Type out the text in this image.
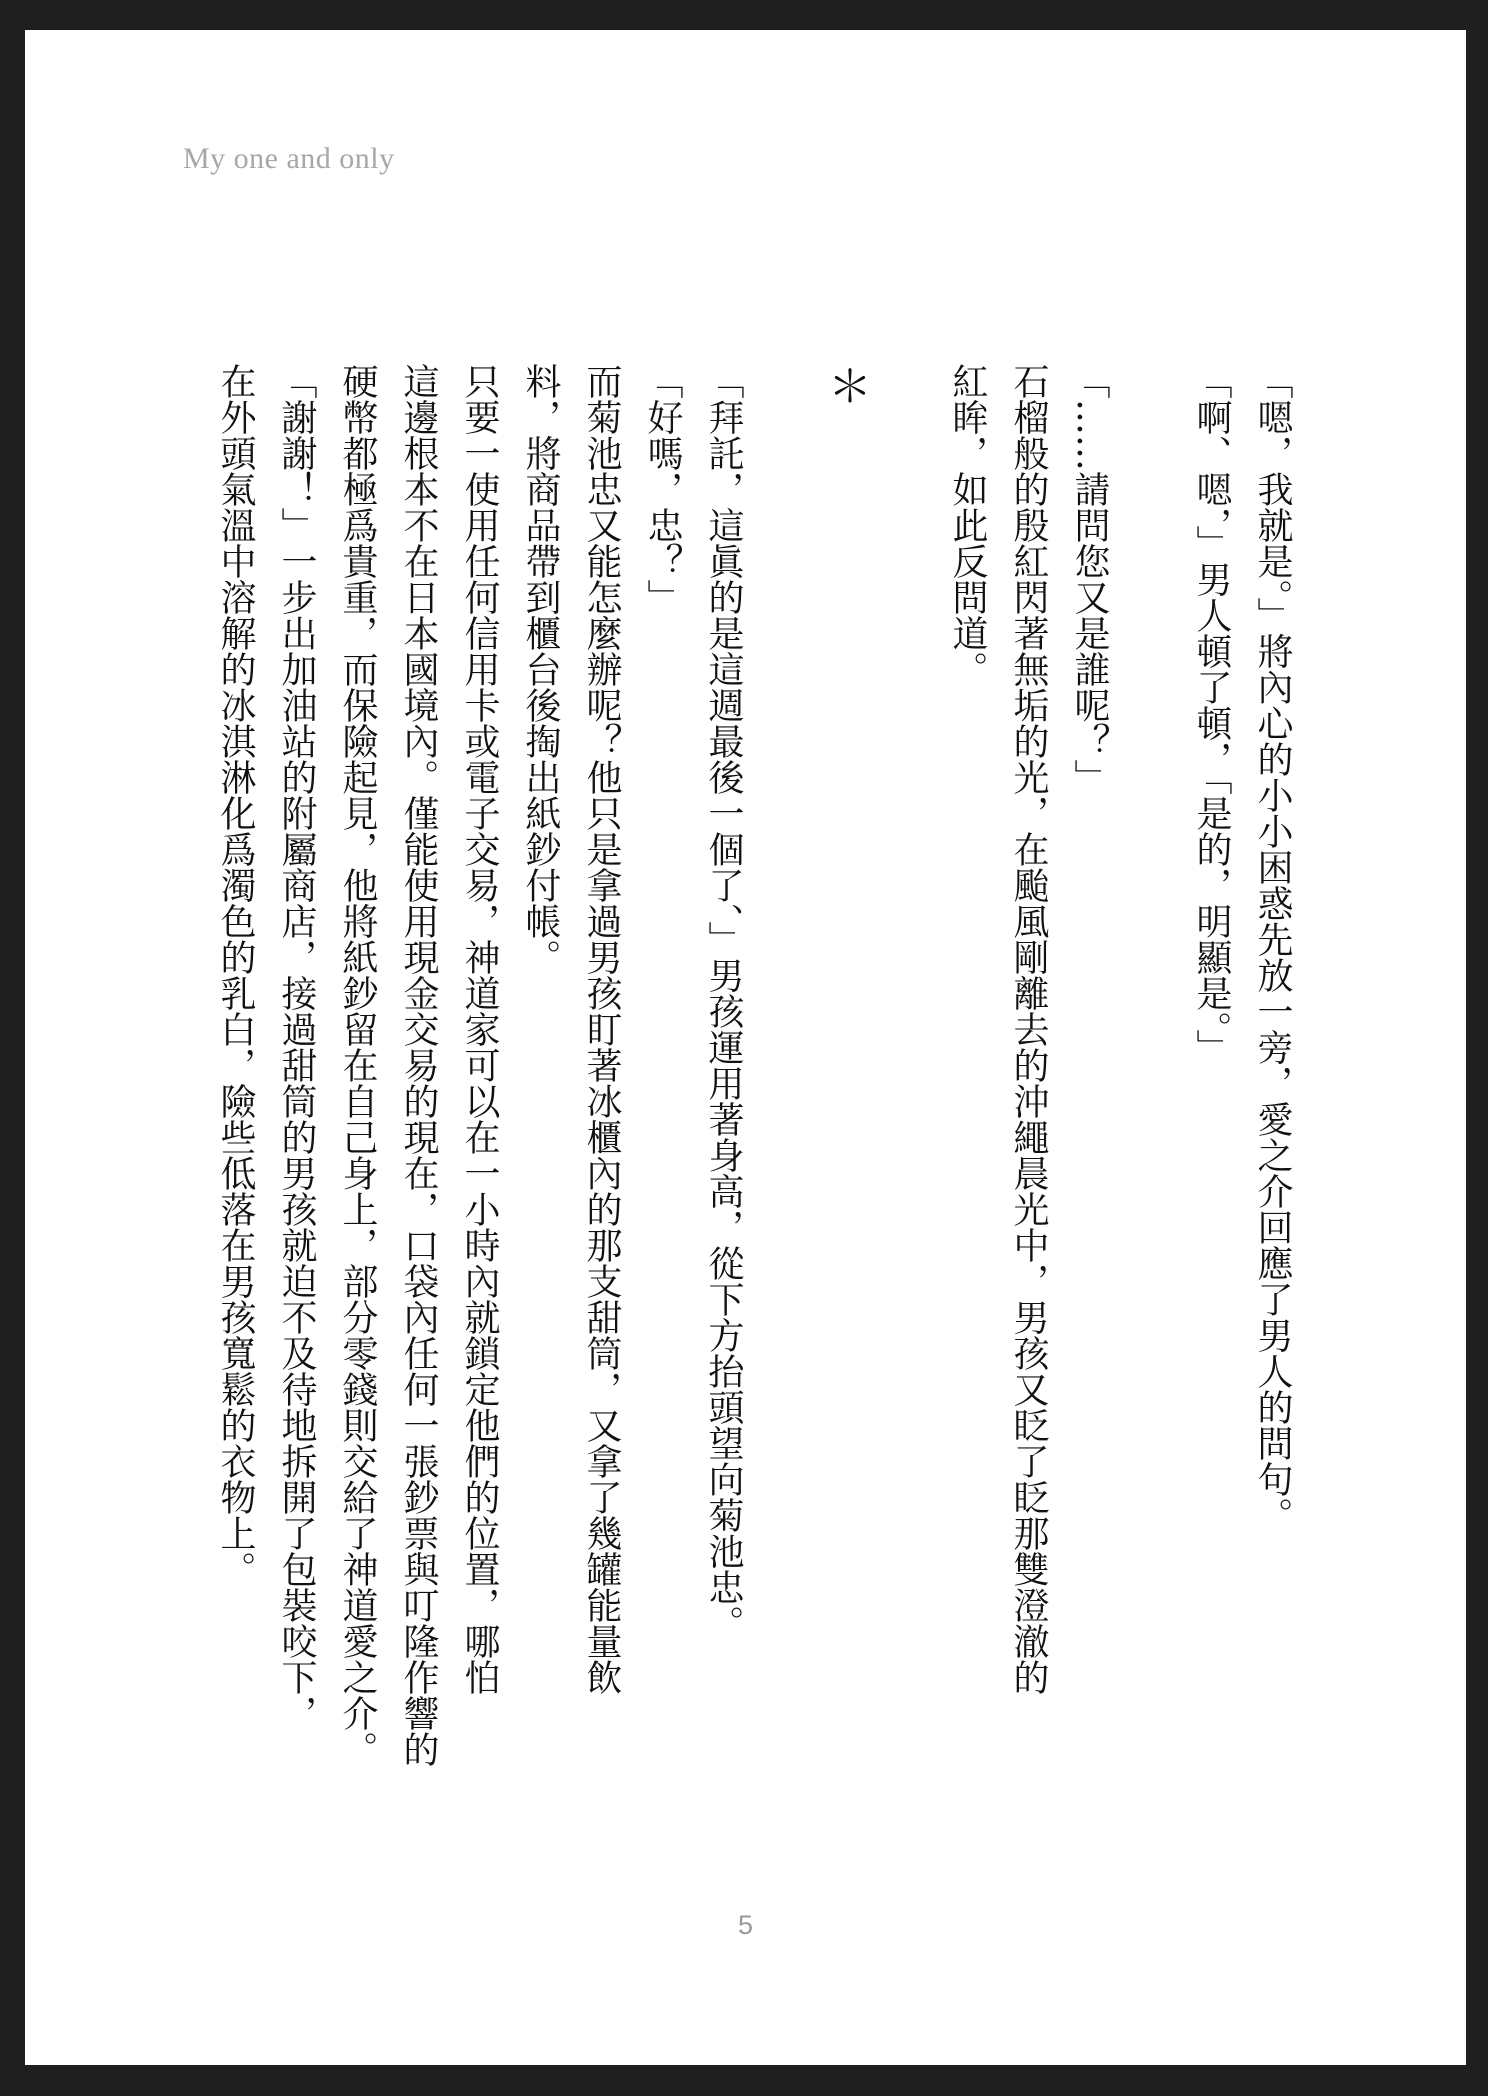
My one and only

「嗯，我就是。」將內心的小小困惑先放一旁，愛之介回應了男人的問句。

「啊、嗯，」男人頓了頓，「是的，明顯是。」

「……請問您又是誰呢？」

石榴般的殷紅閃著無垢的光，在颱風剛離去的沖繩晨光中，男孩又眨了眨那雙澄澈的

紅眸，如此反問道。

＊

「拜託，這眞的是這週最後一個了、」男孩運用著身高，從下方抬頭望向菊池忠。

「好嗎，忠？」

而菊池忠又能怎麼辦呢？他只是拿過男孩盯著冰櫃內的那支甜筒，又拿了幾罐能量飲

料，將商品帶到櫃台後掏出紙鈔付帳。

只要一使用任何信用卡或電子交易，神道家可以在一小時內就鎖定他們的位置，哪怕

這邊根本不在日本國境內。僅能使用現金交易的現在，口袋內任何一張鈔票與叮隆作響的

硬幣都極爲貴重，而保險起見，他將紙鈔留在自己身上，部分零錢則交給了神道愛之介。

「謝謝！」一步出加油站的附屬商店，接過甜筒的男孩就迫不及待地拆開了包裝咬下，

在外頭氣溫中溶解的冰淇淋化爲濁色的乳白，險些低落在男孩寬鬆的衣物上。

5
